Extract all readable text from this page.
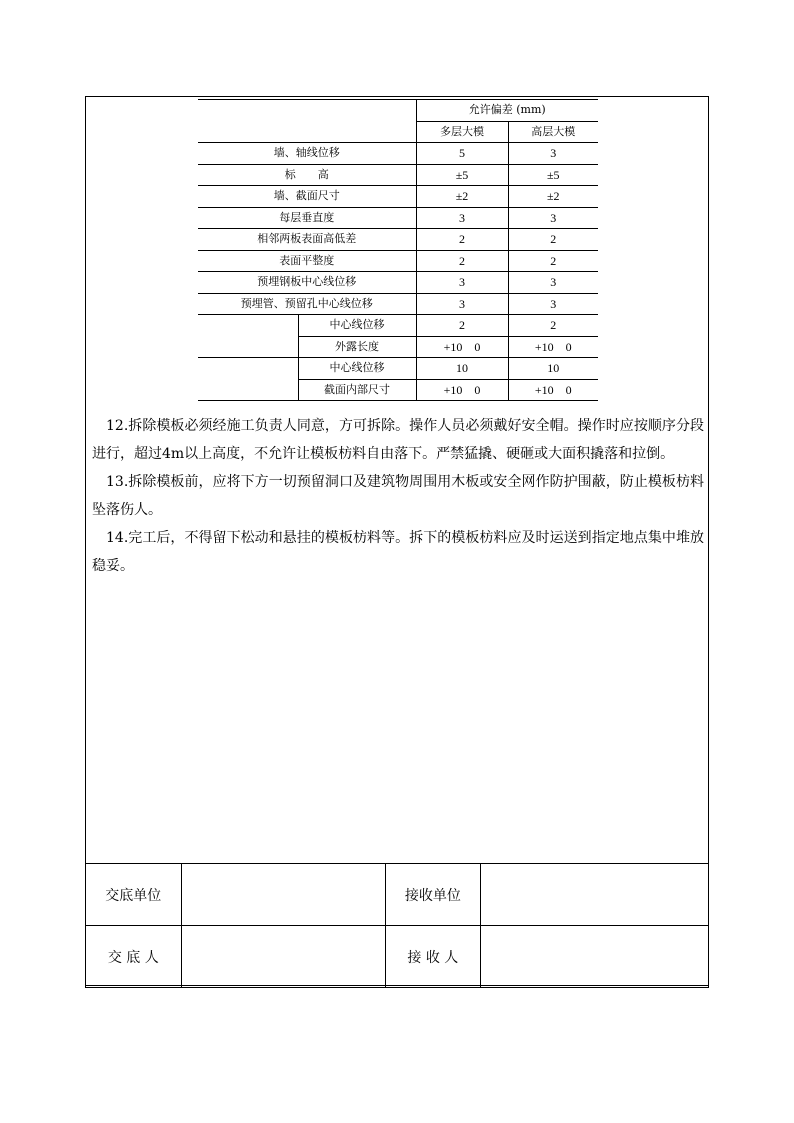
		允许偏差 (mm)	
		多层大模	高层大模
墙、轴线位移		5	3
标　　高		±5	±5
墙、截面尺寸		±2	±2
每层垂直度		3	3
相邻两板表面高低差		2	2
表面平整度		2	2
预埋钢板中心线位移		3	3
预埋管、预留孔中心线位移		3	3
	中心线位移	2	2
	外露长度	+10　0	+10　0
	中心线位移	10	10
	截面内部尺寸	+10　0	+10　0

12.拆除模板必须经施工负责人同意，方可拆除。操作人员必须戴好安全帽。操作时应按顺序分段进行，超过4m以上高度，不允许让模板枋料自由落下。严禁猛撬、硬砸或大面积撬落和拉倒。

13.拆除模板前，应将下方一切预留洞口及建筑物周围用木板或安全网作防护围蔽，防止模板枋料坠落伤人。

14.完工后，不得留下松动和悬挂的模板枋料等。拆下的模板枋料应及时运送到指定地点集中堆放稳妥。

交底单位		接收单位	
交 底 人		接 收 人	
